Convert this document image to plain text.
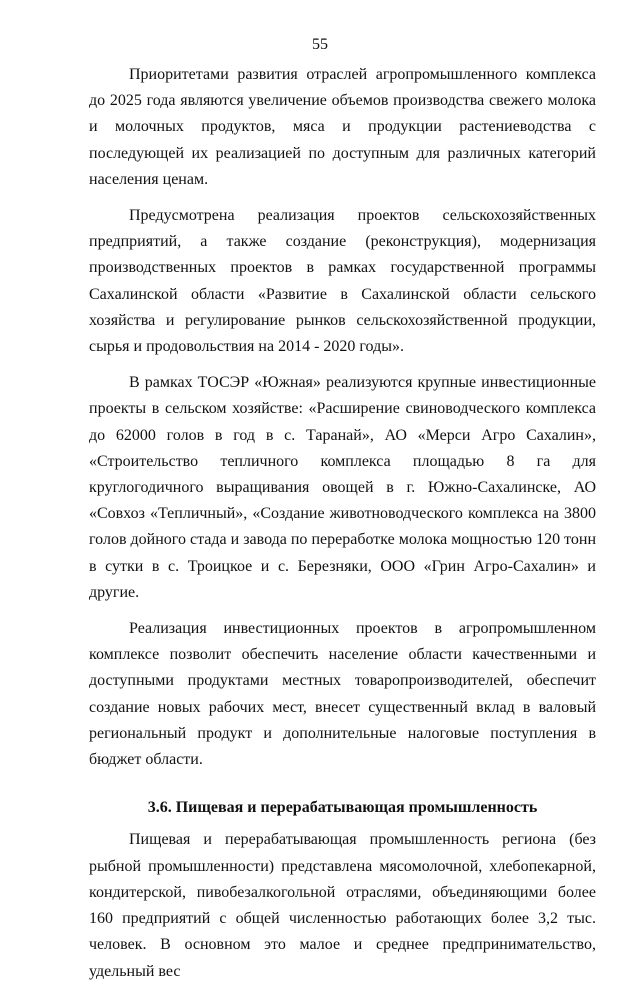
55

Приоритетами развития отраслей агропромышленного комплекса до 2025 года являются увеличение объемов производства свежего молока и молочных продуктов, мяса и продукции растениеводства с последующей их реализацией по доступным для различных категорий населения ценам.

Предусмотрена реализация проектов сельскохозяйственных предприятий, а также создание (реконструкция), модернизация производственных проектов в рамках государственной программы Сахалинской области «Развитие в Сахалинской области сельского хозяйства и регулирование рынков сельскохозяйственной продукции, сырья и продовольствия на 2014 - 2020 годы».

В рамках ТОСЭР «Южная» реализуются крупные инвестиционные проекты в сельском хозяйстве: «Расширение свиноводческого комплекса до 62000 голов в год в с. Таранай», АО «Мерси Агро Сахалин», «Строительство тепличного комплекса площадью 8 га для круглогодичного выращивания овощей в г. Южно-Сахалинске, АО «Совхоз «Тепличный», «Создание животноводческого комплекса на 3800 голов дойного стада и завода по переработке молока мощностью 120 тонн в сутки в с. Троицкое и с. Березняки, ООО «Грин Агро-Сахалин» и другие.

Реализация инвестиционных проектов в агропромышленном комплексе позволит обеспечить население области качественными и доступными продуктами местных товаропроизводителей, обеспечит создание новых рабочих мест, внесет существенный вклад в валовый региональный продукт и дополнительные налоговые поступления в бюджет области.

3.6. Пищевая и перерабатывающая промышленность

Пищевая и перерабатывающая промышленность региона (без рыбной промышленности) представлена мясомолочной, хлебопекарной, кондитерской, пивобезалкогольной отраслями, объединяющими более 160 предприятий с общей численностью работающих более 3,2 тыс. человек. В основном это малое и среднее предпринимательство, удельный вес
